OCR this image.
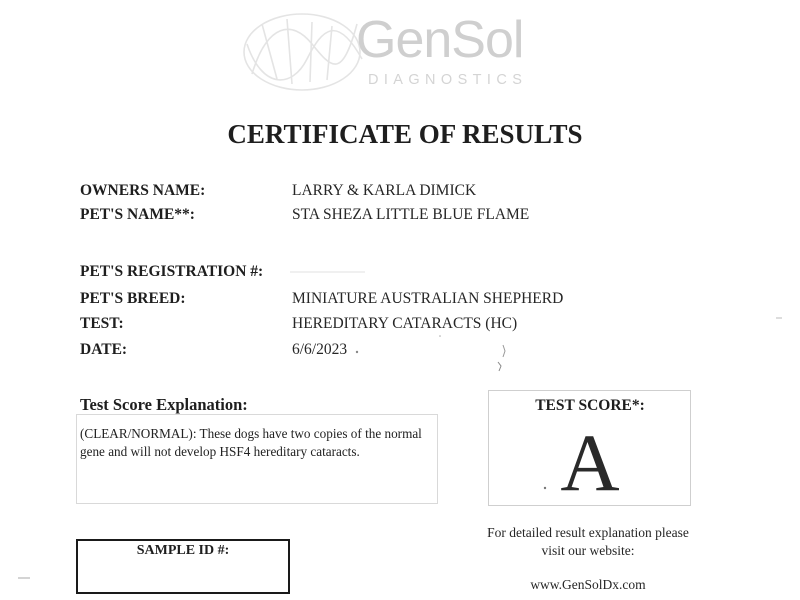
GenSol

DIAGNOSTICS

CERTIFICATE OF RESULTS

OWNERS NAME:	LARRY & KARLA DIMICK

PET'S NAME**:	STA SHEZA LITTLE BLUE FLAME

PET'S REGISTRATION #:

PET'S BREED:	MINIATURE AUSTRALIAN SHEPHERD

TEST:	HEREDITARY CATARACTS (HC)

DATE:	6/6/2023

Test Score Explanation:

(CLEAR/NORMAL): These dogs have two copies of the normal gene and will not develop HSF4 hereditary cataracts.

TEST SCORE*:

A

For detailed result explanation please visit our website:

www.GenSolDx.com

SAMPLE ID #:
